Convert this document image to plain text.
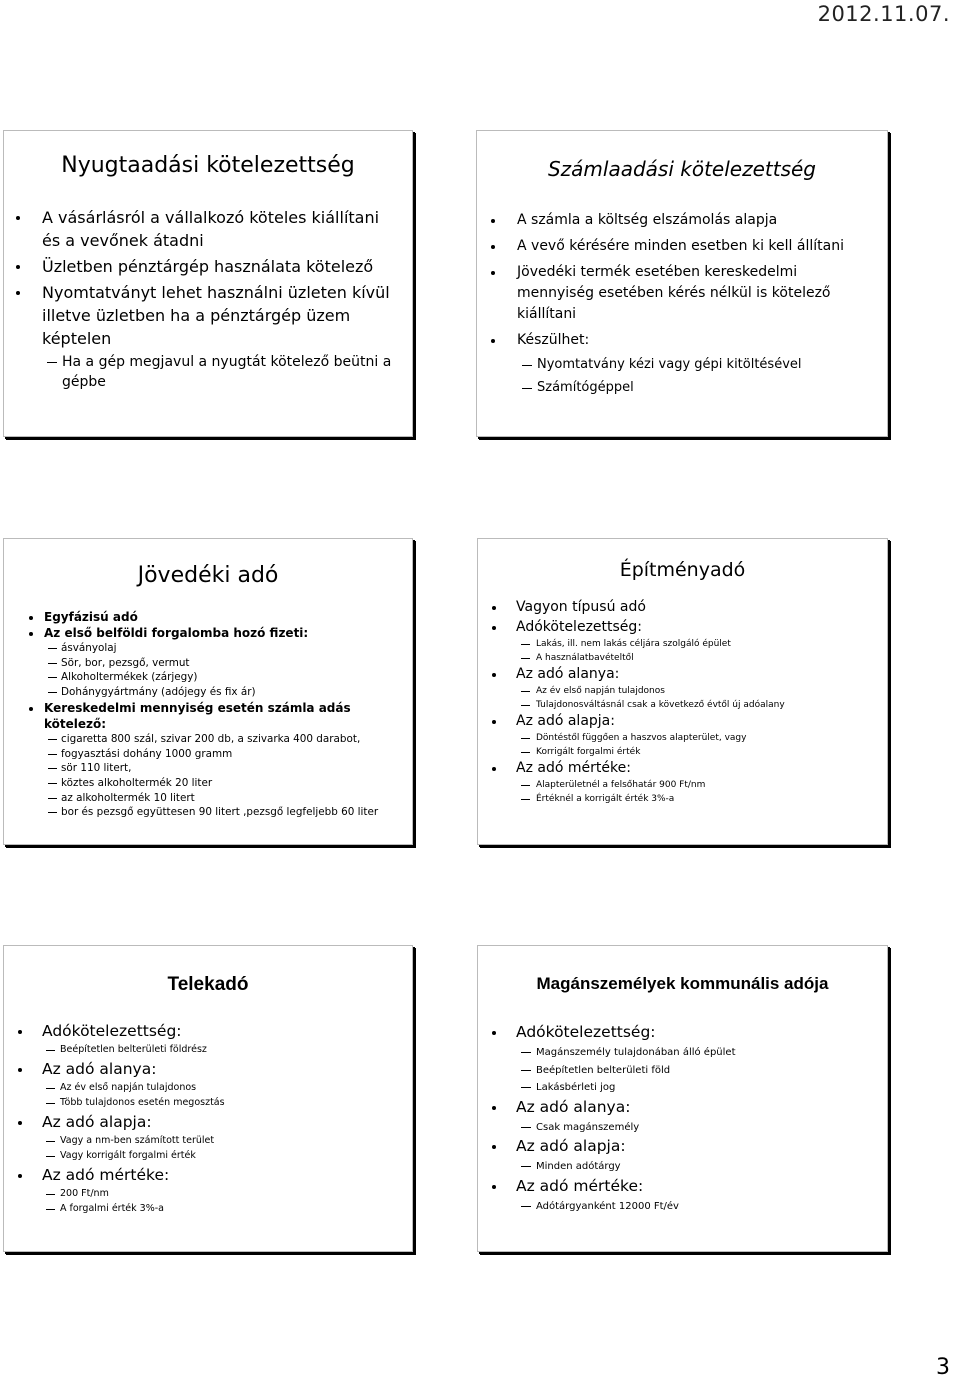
2012.11.07.
Nyugtaadási kötelezettség
A vásárlásról a vállalkozó köteles kiállítani és a vevőnek átadni
Üzletben pénztárgép használata kötelező
Nyomtatványt lehet használni üzleten kívül illetve üzletben ha a pénztárgép üzem képtelen
Ha a gép megjavul a nyugtát kötelező beütni a gépbe
Számlaadási kötelezettség
A számla a költség elszámolás alapja
A vevő kérésére minden esetben ki kell állítani
Jövedéki termék esetében kereskedelmi mennyiség esetében kérés nélkül is kötelező kiállítani
Készülhet:
Nyomtatvány kézi vagy gépi kitöltésével
Számítógéppel
Jövedéki adó
Egyfázisú adó
Az első belföldi forgalomba hozó fizeti:
ásványolaj
Sör, bor, pezsgő, vermut
Alkoholtermékek (zárjegy)
Dohánygyártmány (adójegy és fix ár)
Kereskedelmi mennyiség esetén számla adás kötelező:
cigaretta 800 szál, szivar 200 db, a szivarka 400 darabot,
fogyasztási dohány 1000 gramm
sör 110 litert,
köztes alkoholtermék 20 liter
az alkoholtermék 10 litert
bor és pezsgő együttesen 90 litert ,pezsgő legfeljebb 60 liter
Építményadó
Vagyon típusú adó
Adókötelezettség:
Lakás, ill. nem lakás céljára szolgáló épület
A használatbavételtől
Az adó alanya:
Az év első napján tulajdonos
Tulajdonosváltásnál csak a következő évtől új adóalany
Az adó alapja:
Döntéstől függően a haszvos alapterület, vagy
Korrigált forgalmi érték
Az adó mértéke:
Alapterületnél a felsőhatár 900 Ft/nm
Értéknél a korrigált érték 3%-a
Telekadó
Adókötelezettség:
Beépítetlen belterületi földrész
Az adó alanya:
Az év első napján tulajdonos
Több tulajdonos esetén megosztás
Az adó alapja:
Vagy a nm-ben számított terület
Vagy korrigált forgalmi érték
Az adó mértéke:
200 Ft/nm
A forgalmi érték 3%-a
Magánszemélyek kommunális adója
Adókötelezettség:
Magánszemély tulajdonában álló épület
Beépítetlen belterületi föld
Lakásbérleti jog
Az adó alanya:
Csak magánszemély
Az adó alapja:
Minden adótárgy
Az adó mértéke:
Adótárgyanként 12000 Ft/év
3
